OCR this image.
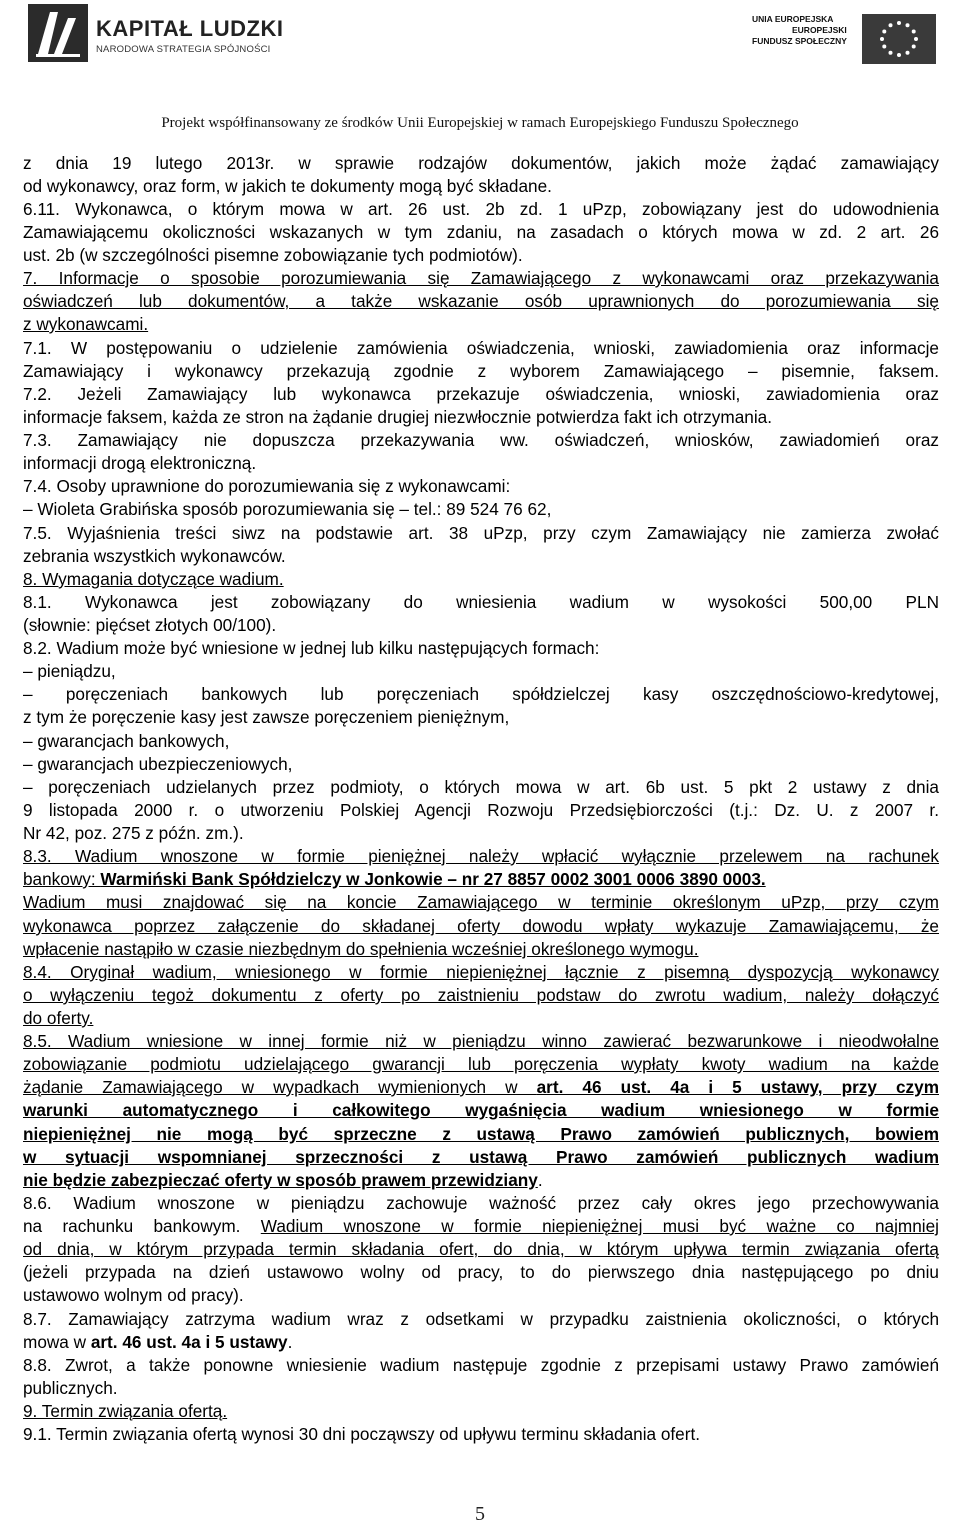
KAPITAŁ LUDZKI
NARODOWA STRATEGIA SPÓJNOŚCI
UNIA EUROPEJSKA
EUROPEJSKI
FUNDUSZ SPOŁECZNY
Projekt współfinansowany ze środków Unii Europejskiej w ramach Europejskiego Funduszu Społecznego
z dnia 19 lutego 2013r. w sprawie rodzajów dokumentów, jakich może żądać zamawiający
od wykonawcy, oraz form, w jakich te dokumenty mogą być składane.
6.11. Wykonawca, o którym mowa w art. 26 ust. 2b zd. 1 uPzp, zobowiązany jest do udowodnienia
Zamawiającemu okoliczności wskazanych w tym zdaniu, na zasadach o których mowa w zd. 2 art. 26
ust. 2b (w szczególności pisemne zobowiązanie tych podmiotów).
7. Informacje o sposobie porozumiewania się Zamawiającego z wykonawcami oraz przekazywania
oświadczeń lub dokumentów, a także wskazanie osób uprawnionych do porozumiewania się
z wykonawcami.
7.1. W postępowaniu o udzielenie zamówienia oświadczenia, wnioski, zawiadomienia oraz informacje
Zamawiający i wykonawcy przekazują zgodnie z wyborem Zamawiającego – pisemnie, faksem.
7.2. Jeżeli Zamawiający lub wykonawca przekazuje oświadczenia, wnioski, zawiadomienia oraz
informacje faksem, każda ze stron na żądanie drugiej niezwłocznie potwierdza fakt ich otrzymania.
7.3. Zamawiający nie dopuszcza przekazywania ww. oświadczeń, wniosków, zawiadomień oraz
informacji drogą elektroniczną.
7.4. Osoby uprawnione do porozumiewania się z wykonawcami:
– Wioleta Grabińska sposób porozumiewania się – tel.: 89 524 76 62,
7.5. Wyjaśnienia treści siwz na podstawie art. 38 uPzp, przy czym Zamawiający nie zamierza zwołać
zebrania wszystkich wykonawców.
8. Wymagania dotyczące wadium.
8.1. Wykonawca jest zobowiązany do wniesienia wadium w wysokości 500,00 PLN
(słownie: pięćset złotych 00/100).
8.2. Wadium może być wniesione w jednej lub kilku następujących formach:
– pieniądzu,
– poręczeniach bankowych lub poręczeniach spółdzielczej kasy oszczędnościowo-kredytowej,
z tym że poręczenie kasy jest zawsze poręczeniem pieniężnym,
– gwarancjach bankowych,
– gwarancjach ubezpieczeniowych,
– poręczeniach udzielanych przez podmioty, o których mowa w art. 6b ust. 5 pkt 2 ustawy z dnia
9 listopada 2000 r. o utworzeniu Polskiej Agencji Rozwoju Przedsiębiorczości (t.j.: Dz. U. z 2007 r.
Nr 42, poz. 275 z późn. zm.).
8.3. Wadium wnoszone w formie pieniężnej należy wpłacić wyłącznie przelewem na rachunek
bankowy: Warmiński Bank Spółdzielczy w Jonkowie – nr 27 8857 0002 3001 0006 3890 0003.
Wadium musi znajdować się na koncie Zamawiającego w terminie określonym uPzp, przy czym
wykonawca poprzez załączenie do składanej oferty dowodu wpłaty wykazuje Zamawiającemu, że
wpłacenie nastąpiło w czasie niezbędnym do spełnienia wcześniej określonego wymogu.
8.4. Oryginał wadium, wniesionego w formie niepieniężnej łącznie z pisemną dyspozycją wykonawcy
o wyłączeniu tegoż dokumentu z oferty po zaistnieniu podstaw do zwrotu wadium, należy dołączyć
do oferty.
8.5. Wadium wniesione w innej formie niż w pieniądzu winno zawierać bezwarunkowe i nieodwołalne
zobowiązanie podmiotu udzielającego gwarancji lub poręczenia wypłaty kwoty wadium na każde
żądanie Zamawiającego w wypadkach wymienionych w art. 46 ust. 4a i 5 ustawy, przy czym
warunki automatycznego i całkowitego wygaśnięcia wadium wniesionego w formie
niepieniężnej nie mogą być sprzeczne z ustawą Prawo zamówień publicznych, bowiem
w sytuacji wspomnianej sprzeczności z ustawą Prawo zamówień publicznych wadium
nie będzie zabezpieczać oferty w sposób prawem przewidziany.
8.6. Wadium wnoszone w pieniądzu zachowuje ważność przez cały okres jego przechowywania
na rachunku bankowym. Wadium wnoszone w formie niepieniężnej musi być ważne co najmniej
od dnia, w którym przypada termin składania ofert, do dnia, w którym upływa termin związania ofertą
(jeżeli przypada na dzień ustawowo wolny od pracy, to do pierwszego dnia następującego po dniu
ustawowo wolnym od pracy).
8.7. Zamawiający zatrzyma wadium wraz z odsetkami w przypadku zaistnienia okoliczności, o których
mowa w art. 46 ust. 4a i 5 ustawy.
8.8. Zwrot, a także ponowne wniesienie wadium następuje zgodnie z przepisami ustawy Prawo zamówień
publicznych.
9. Termin związania ofertą.
9.1. Termin związania ofertą wynosi 30 dni począwszy od upływu terminu składania ofert.
5
